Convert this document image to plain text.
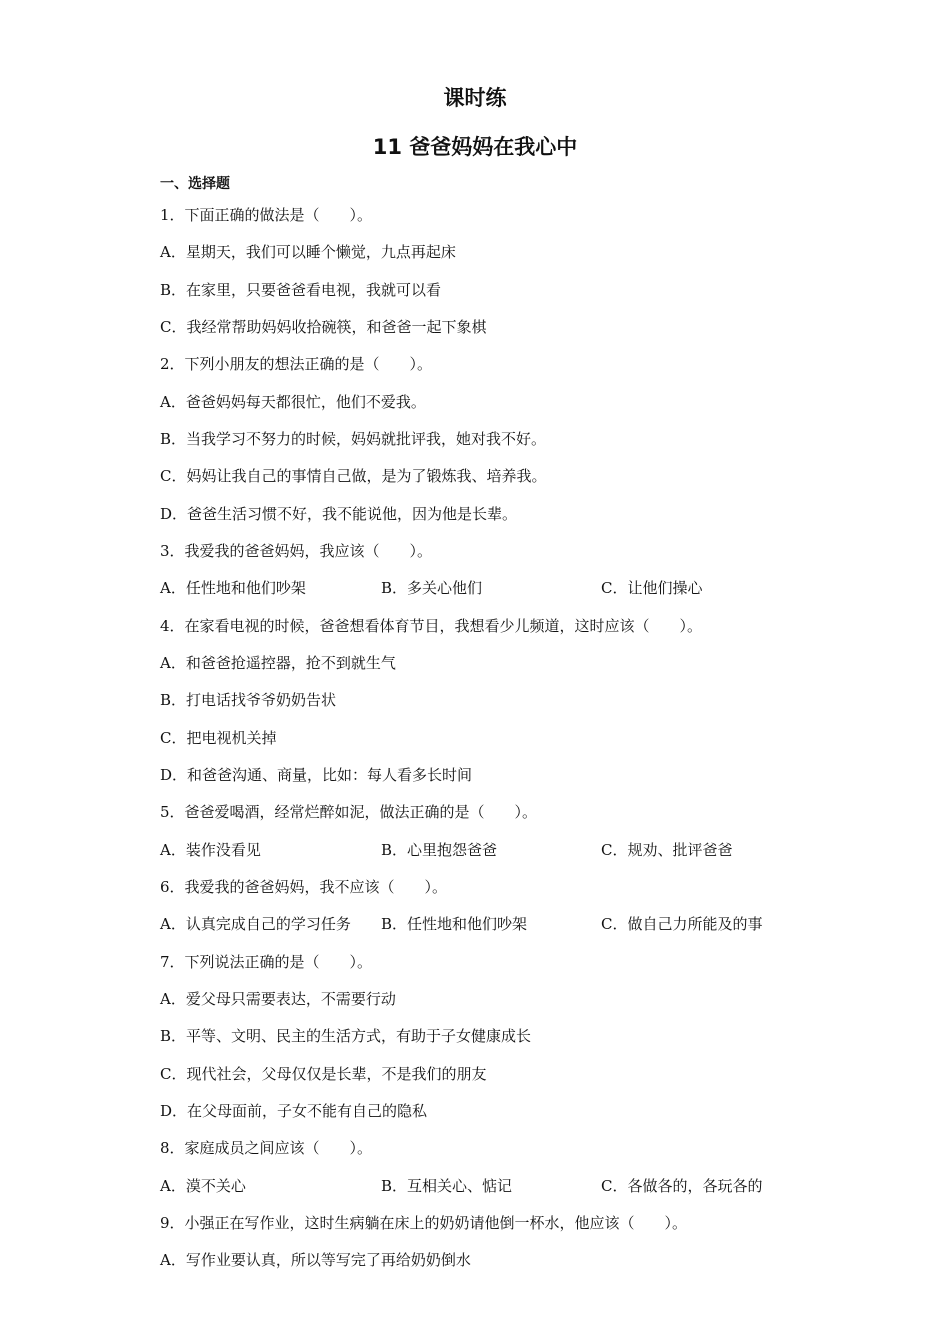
课时练
11 爸爸妈妈在我心中
一、选择题
1．下面正确的做法是（　　）。
A．星期天，我们可以睡个懒觉，九点再起床
B．在家里，只要爸爸看电视，我就可以看
C．我经常帮助妈妈收拾碗筷，和爸爸一起下象棋
2．下列小朋友的想法正确的是（　　）。
A．爸爸妈妈每天都很忙，他们不爱我。
B．当我学习不努力的时候，妈妈就批评我，她对我不好。
C．妈妈让我自己的事情自己做，是为了锻炼我、培养我。
D．爸爸生活习惯不好，我不能说他，因为他是长辈。
3．我爱我的爸爸妈妈，我应该（　　）。
A．任性地和他们吵架	B．多关心他们	C．让他们操心
4．在家看电视的时候，爸爸想看体育节目，我想看少儿频道，这时应该（　　）。
A．和爸爸抢遥控器，抢不到就生气
B．打电话找爷爷奶奶告状
C．把电视机关掉
D．和爸爸沟通、商量，比如：每人看多长时间
5．爸爸爱喝酒，经常烂醉如泥，做法正确的是（　　）。
A．装作没看见	B．心里抱怨爸爸	C．规劝、批评爸爸
6．我爱我的爸爸妈妈，我不应该（　　）。
A．认真完成自己的学习任务 B．任性地和他们吵架	C．做自己力所能及的事
7．下列说法正确的是（　　）。
A．爱父母只需要表达，不需要行动
B．平等、文明、民主的生活方式，有助于子女健康成长
C．现代社会，父母仅仅是长辈，不是我们的朋友
D．在父母面前，子女不能有自己的隐私
8．家庭成员之间应该（　　）。
A．漠不关心	B．互相关心、惦记	C．各做各的，各玩各的
9．小强正在写作业，这时生病躺在床上的奶奶请他倒一杯水，他应该（　　）。
A．写作业要认真，所以等写完了再给奶奶倒水
